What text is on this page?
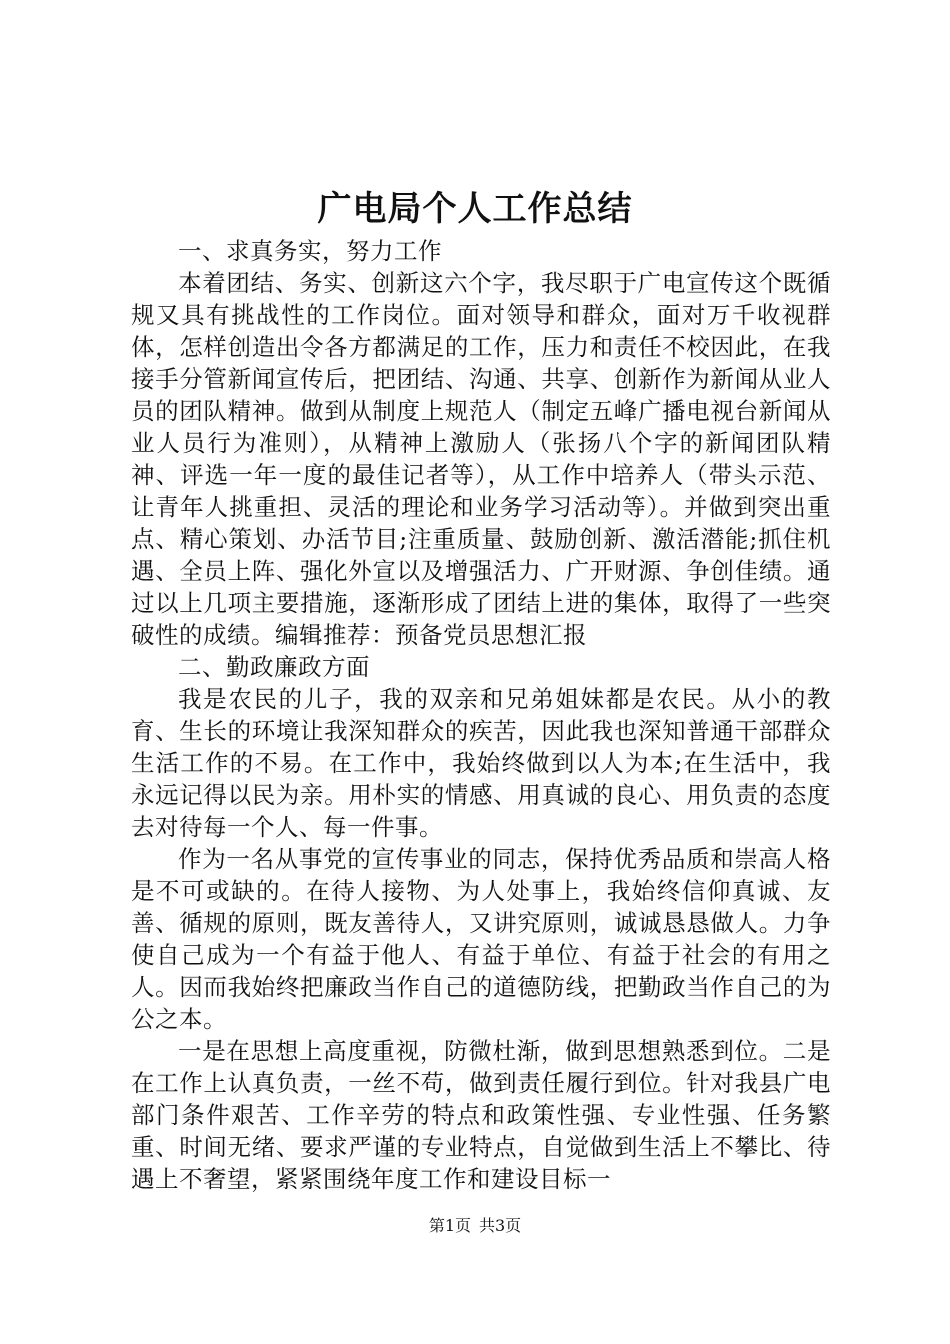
广电局个人工作总结

一、求真务实，努力工作

本着团结、务实、创新这六个字，我尽职于广电宣传这个既循规又具有挑战性的工作岗位。面对领导和群众，面对万千收视群体，怎样创造出令各方都满足的工作，压力和责任不校因此，在我接手分管新闻宣传后，把团结、沟通、共享、创新作为新闻从业人员的团队精神。做到从制度上规范人（制定五峰广播电视台新闻从业人员行为准则），从精神上激励人（张扬八个字的新闻团队精神、评选一年一度的最佳记者等），从工作中培养人（带头示范、让青年人挑重担、灵活的理论和业务学习活动等）。并做到突出重点、精心策划、办活节目;注重质量、鼓励创新、激活潜能;抓住机遇、全员上阵、强化外宣以及增强活力、广开财源、争创佳绩。通过以上几项主要措施，逐渐形成了团结上进的集体，取得了一些突破性的成绩。编辑推荐：预备党员思想汇报

二、勤政廉政方面

我是农民的儿子，我的双亲和兄弟姐妹都是农民。从小的教育、生长的环境让我深知群众的疾苦，因此我也深知普通干部群众生活工作的不易。在工作中，我始终做到以人为本;在生活中，我永远记得以民为亲。用朴实的情感、用真诚的良心、用负责的态度去对待每一个人、每一件事。

作为一名从事党的宣传事业的同志，保持优秀品质和崇高人格是不可或缺的。在待人接物、为人处事上，我始终信仰真诚、友善、循规的原则，既友善待人，又讲究原则，诚诚恳恳做人。力争使自己成为一个有益于他人、有益于单位、有益于社会的有用之人。因而我始终把廉政当作自己的道德防线，把勤政当作自己的为公之本。

一是在思想上高度重视，防微杜渐，做到思想熟悉到位。二是在工作上认真负责，一丝不苟，做到责任履行到位。针对我县广电部门条件艰苦、工作辛劳的特点和政策性强、专业性强、任务繁重、时间无绪、要求严谨的专业特点，自觉做到生活上不攀比、待遇上不奢望，紧紧围绕年度工作和建设目标一

第1页 共3页
